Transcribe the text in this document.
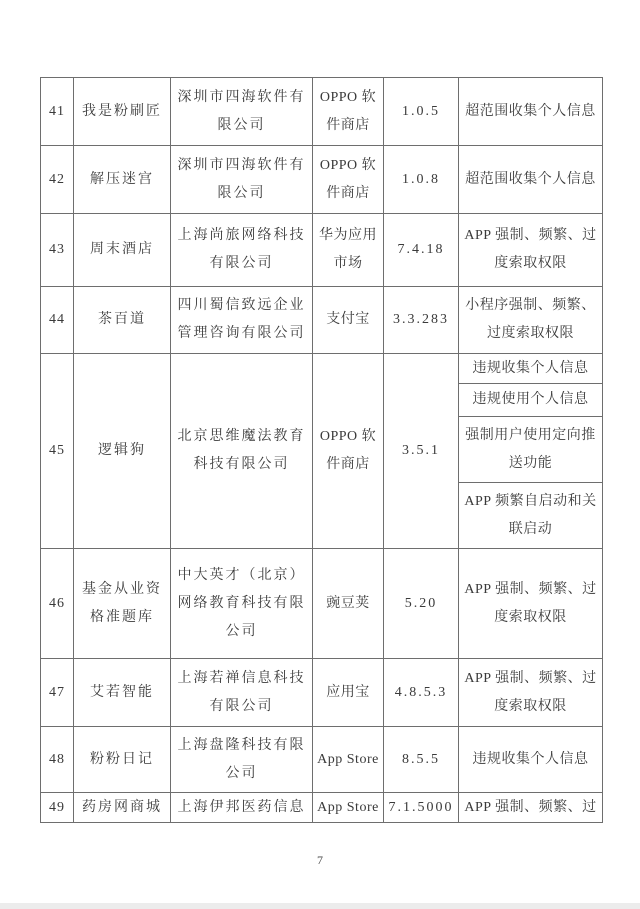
41	我是粉刷匠	深圳市四海软件有限公司	OPPO 软件商店	1.0.5	超范围收集个人信息
42	解压迷宫	深圳市四海软件有限公司	OPPO 软件商店	1.0.8	超范围收集个人信息
43	周末酒店	上海尚旅网络科技有限公司	华为应用市场	7.4.18	APP 强制、频繁、过度索取权限
44	茶百道	四川蜀信致远企业管理咨询有限公司	支付宝	3.3.283	小程序强制、频繁、过度索取权限
45	逻辑狗	北京思维魔法教育科技有限公司	OPPO 软件商店	3.5.1	违规收集个人信息
					违规使用个人信息
					强制用户使用定向推送功能
					APP 频繁自启动和关联启动
46	基金从业资格准题库	中大英才（北京）网络教育科技有限公司	豌豆荚	5.20	APP 强制、频繁、过度索取权限
47	艾若智能	上海若禅信息科技有限公司	应用宝	4.8.5.3	APP 强制、频繁、过度索取权限
48	粉粉日记	上海盘隆科技有限公司	App Store	8.5.5	违规收集个人信息
49	药房网商城	上海伊邦医药信息	App Store	7.1.5000	APP 强制、频繁、过
7
